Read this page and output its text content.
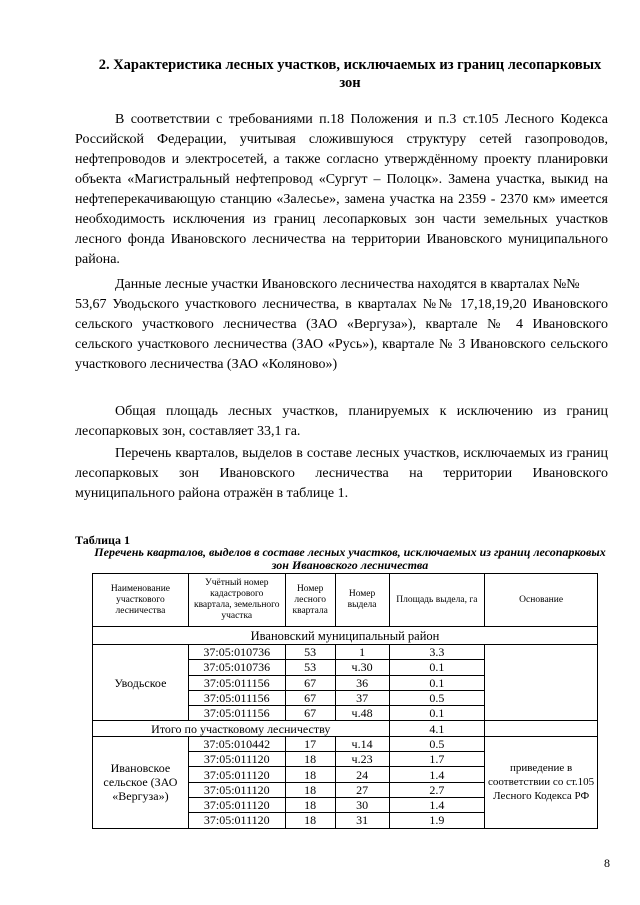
2. Характеристика лесных участков, исключаемых из границ лесопарковых зон

В соответствии с требованиями п.18 Положения и п.3 ст.105 Лесного Кодекса Российской Федерации, учитывая сложившуюся структуру сетей газопроводов, нефтепроводов и электросетей, а также согласно утверждённому проекту планировки объекта «Магистральный нефтепровод «Сургут – Полоцк». Замена участка, выкид на нефтеперекачивающую станцию «Залесье», замена участка на 2359 - 2370 км» имеется необходимость исключения из границ лесопарковых зон части земельных участков лесного фонда Ивановского лесничества на территории Ивановского муниципального района.

Данные лесные участки Ивановского лесничества находятся в кварталах №№

53,67 Уводьского участкового лесничества, в кварталах №№ 17,18,19,20 Ивановского сельского участкового лесничества (ЗАО «Вергуза»), квартале № 4 Ивановского сельского участкового лесничества (ЗАО «Русь»), квартале № 3 Ивановского сельского участкового лесничества (ЗАО «Коляново»)

Общая площадь лесных участков, планируемых к исключению из границ лесопарковых зон, составляет 33,1 га.

Перечень кварталов, выделов в составе лесных участков, исключаемых из границ лесопарковых зон Ивановского лесничества на территории Ивановского муниципального района отражён в таблице 1.

Таблица 1
Перечень кварталов, выделов в составе лесных участков, исключаемых из границ лесопарковых зон Ивановского лесничества
Наименование участкового лесничества	Учётный номер кадастрового квартала, земельного участка	Номер лесного квартала	Номер выдела	Площадь выдела, га	Основание
Ивановский муниципальный район					
Уводьское	37:05:010736	53	1	3.3	
	37:05:010736	53	ч.30	0.1	
	37:05:011156	67	36	0.1	
	37:05:011156	67	37	0.5	
	37:05:011156	67	ч.48	0.1	
Итого по участковому лесничеству				4.1	
Ивановское сельское (ЗАО «Вергуза»)	37:05:010442	17	ч.14	0.5	приведение в соответствии со ст.105 Лесного Кодекса РФ
	37:05:011120	18	ч.23	1.7	
	37:05:011120	18	24	1.4	
	37:05:011120	18	27	2.7	
	37:05:011120	18	30	1.4	
	37:05:011120	18	31	1.9	
8
